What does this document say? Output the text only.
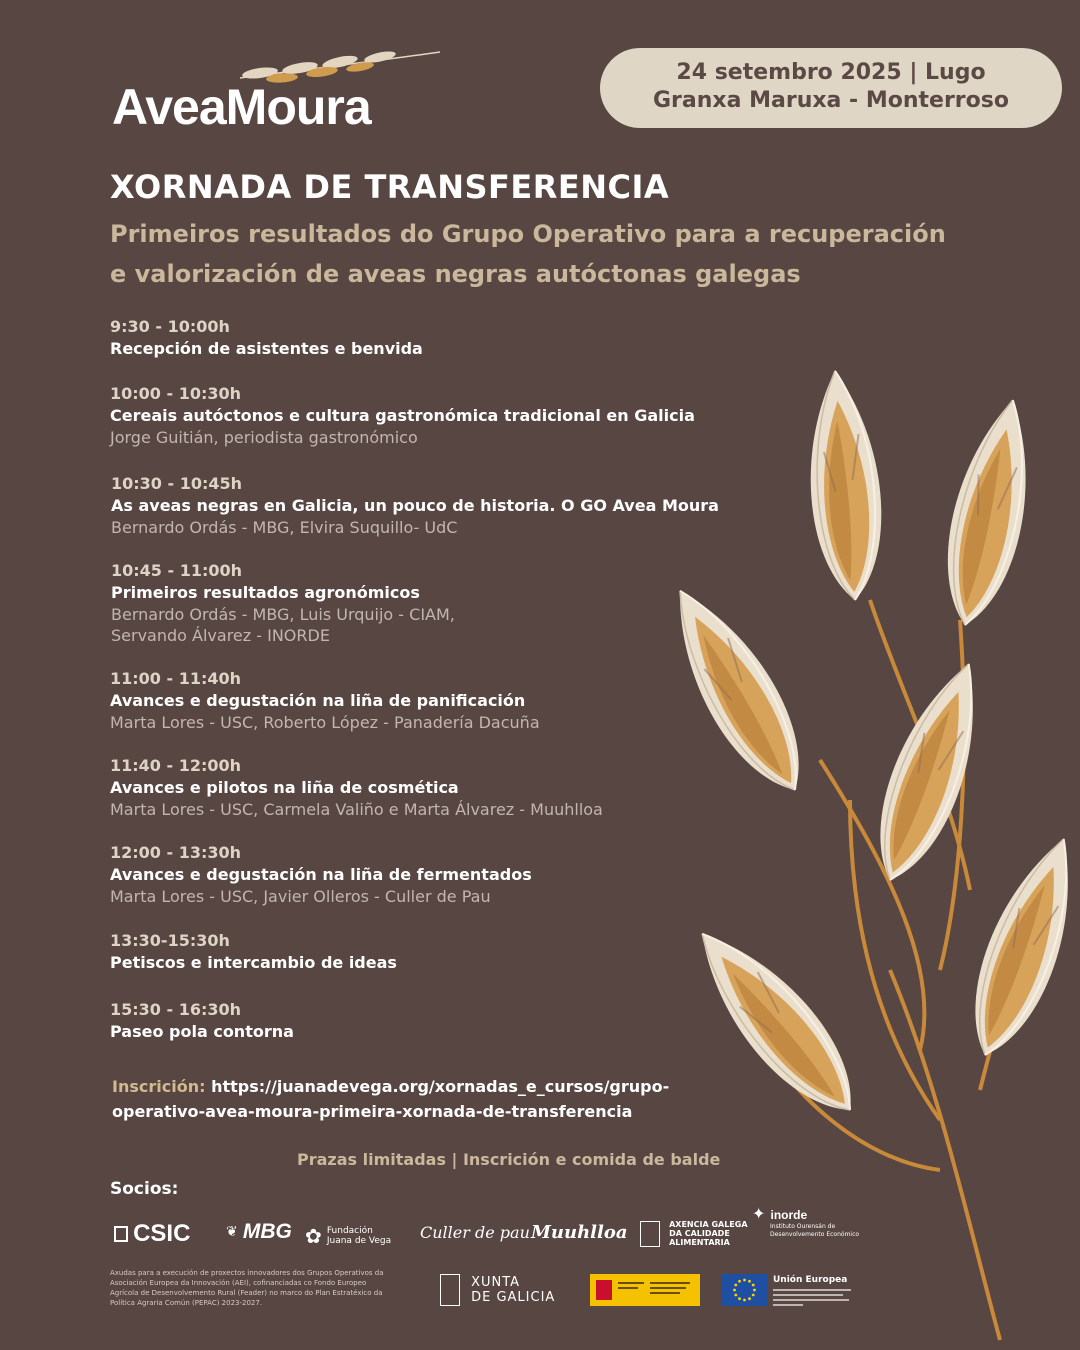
AveaMoura
24 setembro 2025 | Lugo
Granxa Maruxa - Monterroso
XORNADA DE TRANSFERENCIA
Primeiros resultados do Grupo Operativo para a recuperación
e valorización de aveas negras autóctonas galegas
9:30 - 10:00h
Recepción de asistentes e benvida
10:00 - 10:30h
Cereais autóctonos e cultura gastronómica tradicional en Galicia
Jorge Guitián, periodista gastronómico
10:30 - 10:45h
As aveas negras en Galicia, un pouco de historia. O GO Avea Moura
Bernardo Ordás - MBG, Elvira Suquillo- UdC
10:45 - 11:00h
Primeiros resultados agronómicos
Bernardo Ordás - MBG, Luis Urquijo - CIAM,
Servando Álvarez - INORDE
11:00 - 11:40h
Avances e degustación na liña de panificación
Marta Lores - USC, Roberto López - Panadería Dacuña
11:40 - 12:00h
Avances e pilotos na liña de cosmética
Marta Lores - USC, Carmela Valiño e Marta Álvarez - Muuhlloa
12:00 - 13:30h
Avances e degustación na liña de fermentados
Marta Lores - USC, Javier Olleros - Culler de Pau
13:30-15:30h
Petiscos e intercambio de ideas
15:30 - 16:30h
Paseo pola contorna
Inscrición: https://juanadevega.org/xornadas_e_cursos/grupo-operativo-avea-moura-primeira-xornada-de-transferencia
Prazas limitadas | Inscrición e comida de balde
Socios:
CSIC	❦ MBG ✿ Fundación
Juana de Vega Culler de pau Muuhlloa
	AXENCIA GALEGA
DA CALIDADE
ALIMENTARIA
✦ inorde
Instituto Ourensán de
Desenvolvemento Económico
Axudas para a execución de proxectos innovadores dos Grupos Operativos da Asociación Europea da Innovación (AEI), cofinanciadas co Fondo Europeo Agrícola de Desenvolvemento Rural (Feader) no marco do Plan Estratéxico da Política Agraria Común (PEPAC) 2023-2027.

XUNTA
DE GALICIA
Unión Europea
